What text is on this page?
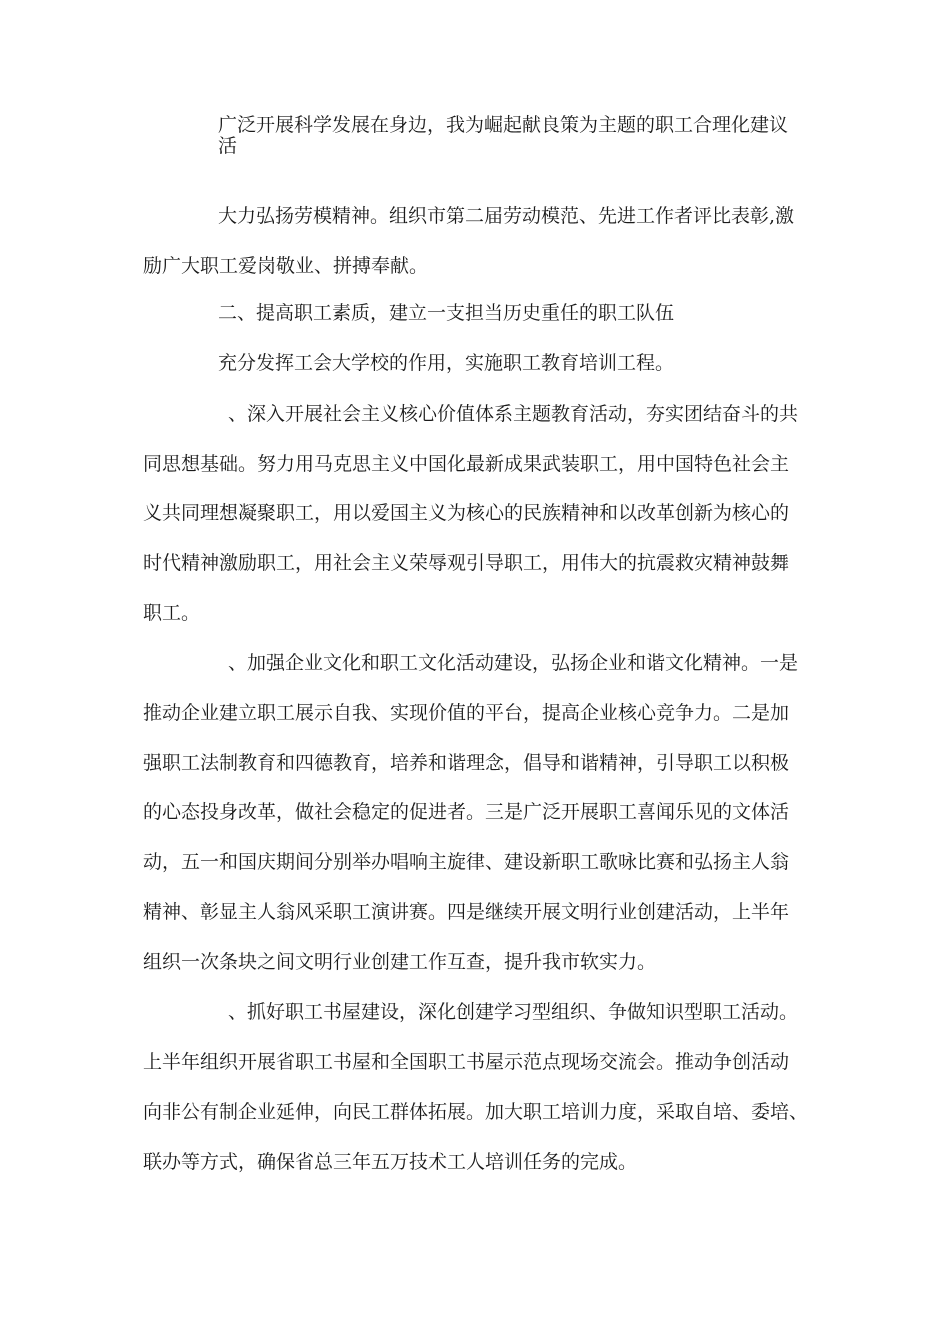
广泛开展科学发展在身边，我为崛起献良策为主题的职工合理化建议
活
大力弘扬劳模精神。组织市第二届劳动模范、先进工作者评比表彰,激
励广大职工爱岗敬业、拼搏奉献。
二、提高职工素质，建立一支担当历史重任的职工队伍
充分发挥工会大学校的作用，实施职工教育培训工程。
、深入开展社会主义核心价值体系主题教育活动，夯实团结奋斗的共
同思想基础。努力用马克思主义中国化最新成果武装职工，用中国特色社会主
义共同理想凝聚职工，用以爱国主义为核心的民族精神和以改革创新为核心的
时代精神激励职工，用社会主义荣辱观引导职工，用伟大的抗震救灾精神鼓舞
职工。
、加强企业文化和职工文化活动建设，弘扬企业和谐文化精神。一是
推动企业建立职工展示自我、实现价值的平台，提高企业核心竞争力。二是加
强职工法制教育和四德教育，培养和谐理念，倡导和谐精神，引导职工以积极
的心态投身改革，做社会稳定的促进者。三是广泛开展职工喜闻乐见的文体活
动，五一和国庆期间分别举办唱响主旋律、建设新职工歌咏比赛和弘扬主人翁
精神、彰显主人翁风采职工演讲赛。四是继续开展文明行业创建活动，上半年
组织一次条块之间文明行业创建工作互查，提升我市软实力。
、抓好职工书屋建设，深化创建学习型组织、争做知识型职工活动。
上半年组织开展省职工书屋和全国职工书屋示范点现场交流会。推动争创活动
向非公有制企业延伸，向民工群体拓展。加大职工培训力度，采取自培、委培、
联办等方式，确保省总三年五万技术工人培训任务的完成。
